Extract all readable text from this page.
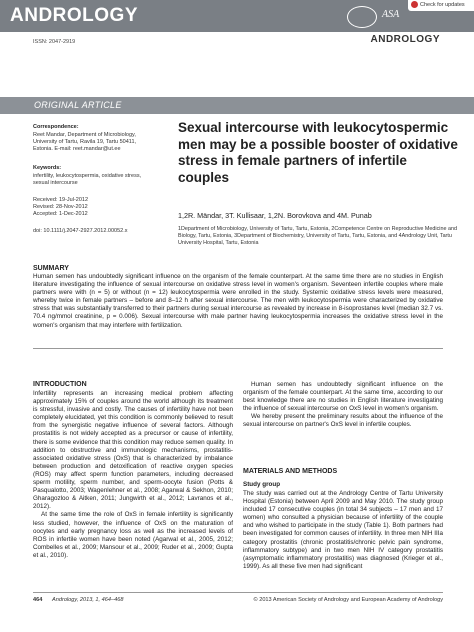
ANDROLOGY	ASA
Check for updates
ISSN: 2047-2919	ANDROLOGY
ORIGINAL ARTICLE
Correspondence:
Reet Mandar, Department of Microbiology,
University of Tartu, Ravila 19, Tartu 50411,
Estonia. E-mail: reet.mandar@ut.ee
Keywords:
infertility, leukocytospermia, oxidative stress,
sexual intercourse
Received: 19-Jul-2012
Revised: 28-Nov-2012
Accepted: 1-Dec-2012
doi: 10.1111/j.2047-2927.2012.00052.x
Sexual intercourse with leukocytospermic men may be a possible booster of oxidative stress in female partners of infertile couples
1,2R. Mändar, 3T. Kullisaar, 1,2N. Borovkova and 4M. Punab
1Department of Microbiology, University of Tartu, Tartu, Estonia, 2Competence Centre on Reproductive Medicine and Biology, Tartu, Estonia, 3Department of Biochemistry, University of Tartu, Tartu, Estonia, and 4Andrology Unit, Tartu University Hospital, Tartu, Estonia
SUMMARY
Human semen has undoubtedly significant influence on the organism of the female counterpart. At the same time there are no studies in English literature investigating the influence of sexual intercourse on oxidative stress level in women's organism. Seventeen infertile couples where male partners were with (n = 5) or without (n = 12) leukocytospermia were enrolled in the study. Systemic oxidative stress levels were measured, whereby twice in female partners – before and 8–12 h after sexual intercourse. The men with leukocytospermia were characterized by oxidative stress that was substantially transferred to their partners during sexual intercourse as revealed by increase in 8-isoprostanes level (median 32.7 vs. 70.4 ng/mmol creatinine, p = 0.006). Sexual intercourse with male partner having leukocytospermia increases the oxidative stress level in the women's organism that may interfere with fertilization.
INTRODUCTION
Infertility represents an increasing medical problem affecting approximately 15% of couples around the world although its treatment is stressful, invasive and costly. The causes of infertility have not been completely elucidated, yet this condition is commonly believed to result from the synergistic negative influence of several factors. Although prostatitis is not widely accepted as a precursor or cause of infertility, there is some evidence that this condition may reduce semen quality. In addition to obstructive and immunologic mechanisms, prostatitis-associated oxidative stress (OxS) that is characterized by imbalance between production and detoxification of reactive oxygen species (ROS) may affect sperm function parameters, including decreased sperm motility, sperm number, and sperm-oocyte fusion (Potts & Pasqualotto, 2003; Wagenlehner et al., 2008; Agarwal & Sekhon, 2010; Gharagozloo & Aitken, 2011; Jungwirth et al., 2012; Lavranos et al., 2012).
At the same time the role of OxS in female infertility is significantly less studied, however, the influence of OxS on the maturation of oocytes and early pregnancy loss as well as the increased levels of ROS in infertile women have been noted (Agarwal et al., 2005, 2012; Combelles et al., 2009; Mansour et al., 2009; Ruder et al., 2009; Gupta et al., 2010).
Human semen has undoubtedly significant influence on the organism of the female counterpart. At the same time, according to our best knowledge there are no studies in English literature investigating the influence of sexual intercourse on OxS level in women's organism.
We hereby present the preliminary results about the influence of the sexual intercourse on partner's OxS level in infertile couples.
MATERIALS AND METHODS
Study group
The study was carried out at the Andrology Centre of Tartu University Hospital (Estonia) between April 2009 and May 2010. The study group included 17 consecutive couples (in total 34 subjects – 17 men and 17 women) who consulted a physician because of infertility of the couple and who wished to participate in the study (Table 1). Both partners had been investigated for common causes of infertility. In three men NIH IIIa category prostatitis (chronic prostatitis/chronic pelvic pain syndrome, inflammatory subtype) and in two men NIH IV category prostatitis (asymptomatic inflammatory prostatitis) was diagnosed (Krieger et al., 1999). As all these five men had significant
464 Andrology, 2013, 1, 464–468	© 2013 American Society of Andrology and European Academy of Andrology
